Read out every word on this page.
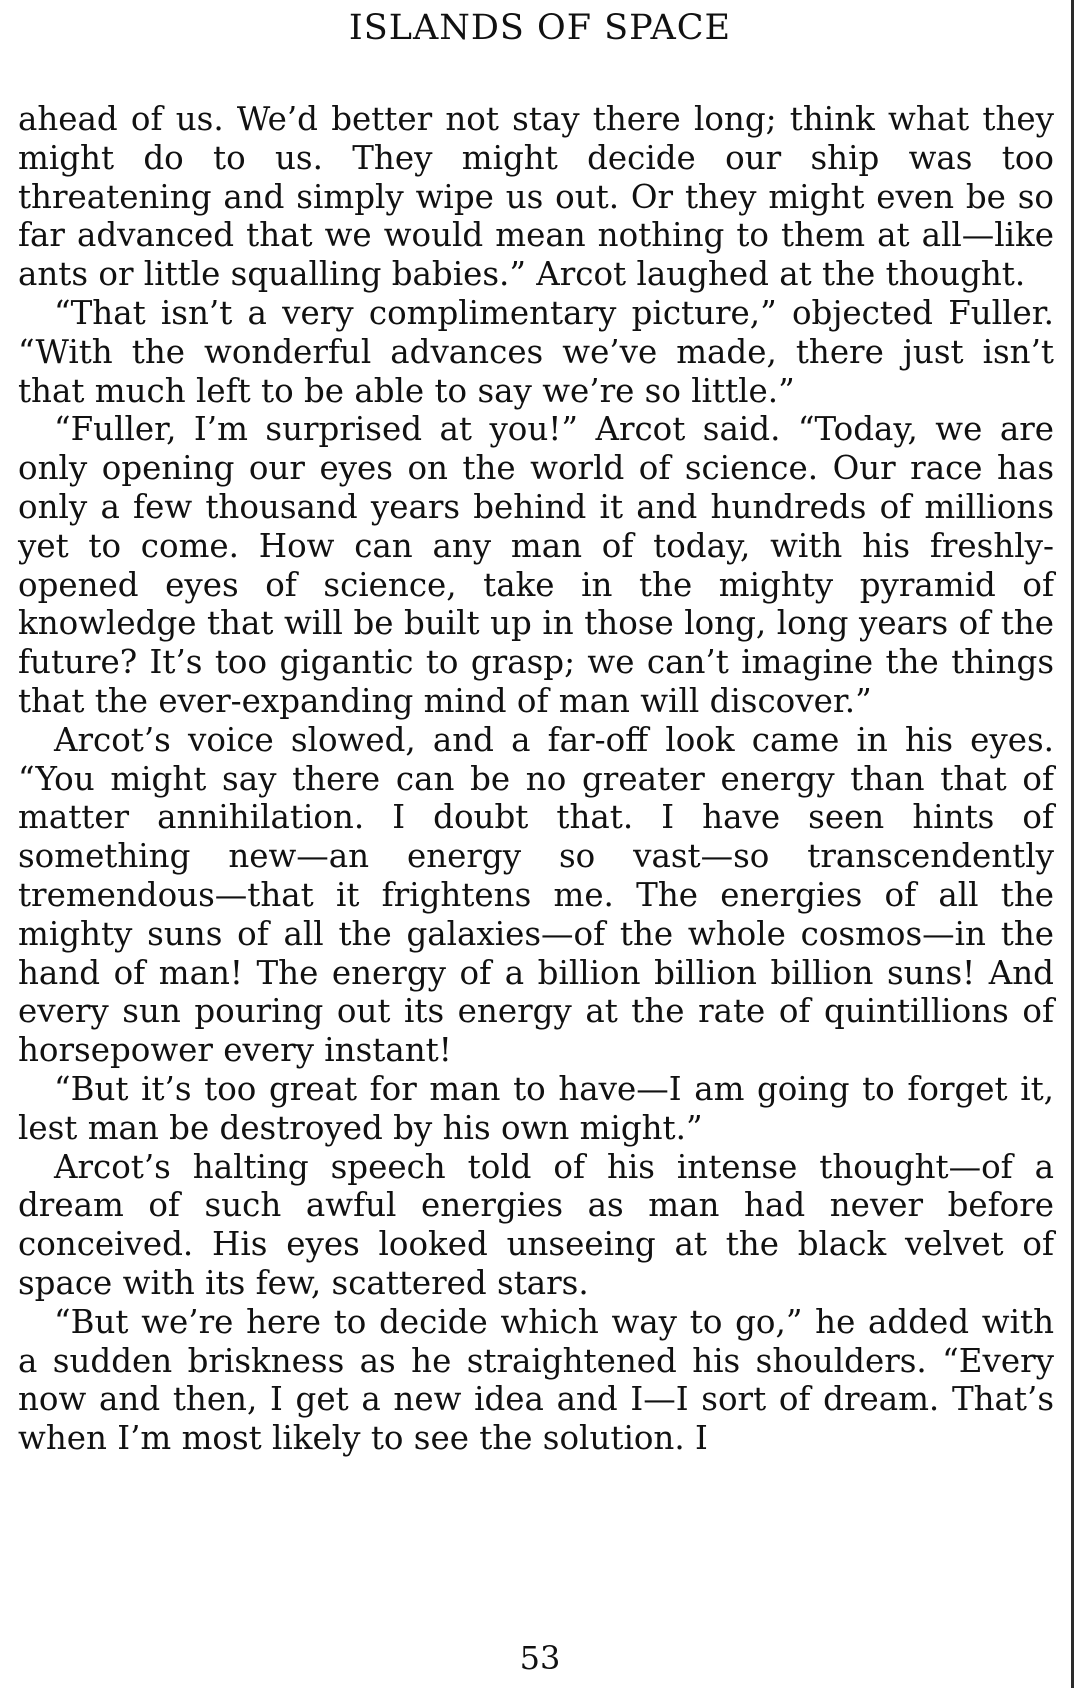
ISLANDS OF SPACE

ahead of us. We’d better not stay there long; think what they might do to us. They might decide our ship was too threatening and simply wipe us out. Or they might even be so far advanced that we would mean nothing to them at all—like ants or little squalling babies.” Arcot laughed at the thought.

“That isn’t a very complimentary picture,” objected Fuller. “With the wonderful advances we’ve made, there just isn’t that much left to be able to say we’re so little.”

“Fuller, I’m surprised at you!” Arcot said. “Today, we are only opening our eyes on the world of science. Our race has only a few thousand years behind it and hundreds of millions yet to come. How can any man of today, with his freshly-opened eyes of science, take in the mighty pyramid of knowledge that will be built up in those long, long years of the future? It’s too gigantic to grasp; we can’t imagine the things that the ever-expanding mind of man will discover.”

Arcot’s voice slowed, and a far-off look came in his eyes. “You might say there can be no greater energy than that of matter annihilation. I doubt that. I have seen hints of something new—an energy so vast—so transcendently tremendous—that it frightens me. The energies of all the mighty suns of all the galaxies—of the whole cosmos—in the hand of man! The energy of a billion billion billion suns! And every sun pouring out its energy at the rate of quintillions of horsepower every instant!

“But it’s too great for man to have—I am going to forget it, lest man be destroyed by his own might.”

Arcot’s halting speech told of his intense thought—of a dream of such awful energies as man had never before conceived. His eyes looked unseeing at the black velvet of space with its few, scattered stars.

“But we’re here to decide which way to go,” he added with a sudden briskness as he straightened his shoulders. “Every now and then, I get a new idea and I—I sort of dream. That’s when I’m most likely to see the solution. I

53
